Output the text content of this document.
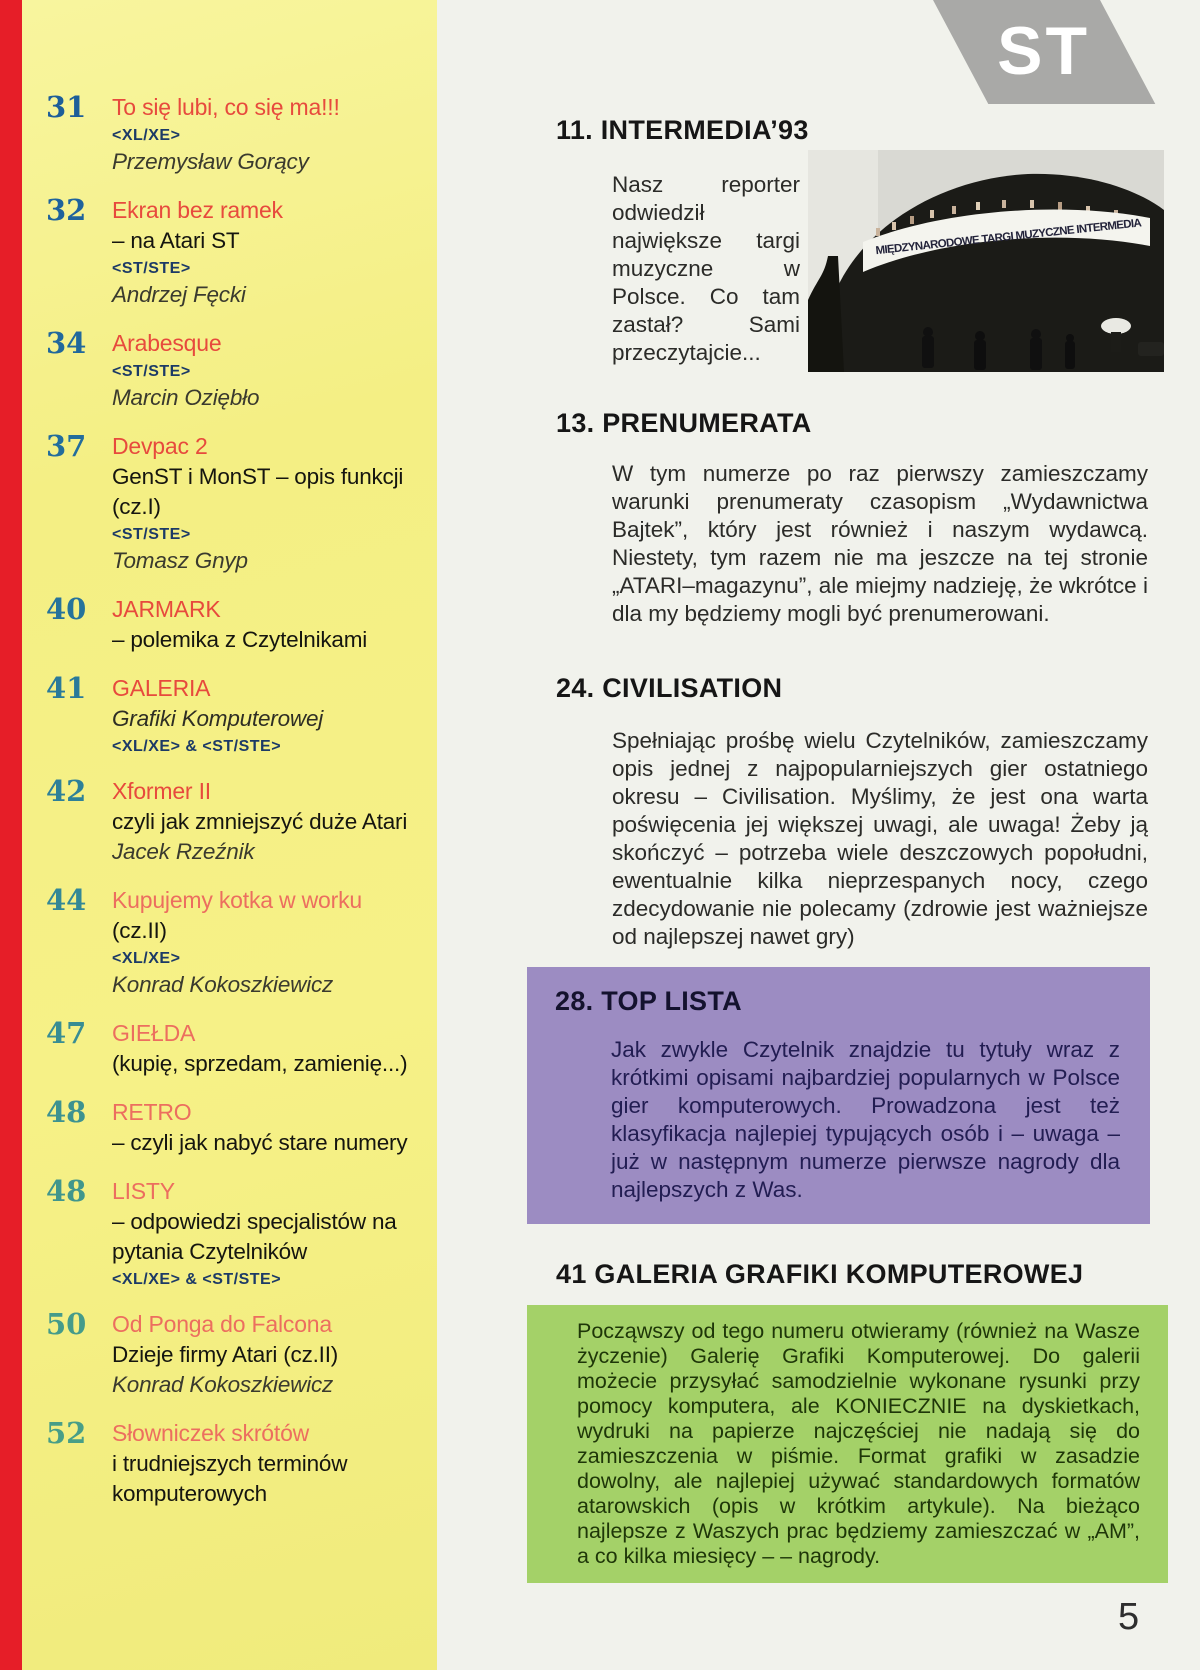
31	To się lubi, co się ma!!!
<XL/XE>
Przemysław Gorący
32	Ekran bez ramek
– na Atari ST
<ST/STE>
Andrzej Fęcki
34	Arabesque
<ST/STE>
Marcin Oziębło
37	Devpac 2
GenST i MonST – opis funkcji (cz.I)
<ST/STE>
Tomasz Gnyp
40	JARMARK
– polemika z Czytelnikami
41	GALERIA
Grafiki Komputerowej
<XL/XE> & <ST/STE>
42	Xformer II
czyli jak zmniejszyć duże Atari
Jacek Rzeźnik
44	Kupujemy kotka w worku
(cz.II)
<XL/XE>
Konrad Kokoszkiewicz
47	GIEŁDA
(kupię, sprzedam, zamienię...)
48	RETRO
– czyli jak nabyć stare numery
48	LISTY
– odpowiedzi specjalistów na pytania Czytelników
<XL/XE> & <ST/STE>
50	Od Ponga do Falcona
Dzieje firmy Atari (cz.II)
Konrad Kokoszkiewicz
52	Słowniczek skrótów
i trudniejszych terminów komputerowych
11. INTERMEDIA’93

Nasz reporter odwiedził największe targi muzyczne w Polsce. Co tam zastał? Sami przeczytajcie...

13. PRENUMERATA

W tym numerze po raz pierwszy zamieszczamy warunki prenumeraty czasopism „Wydawnictwa Bajtek”, który jest również i naszym wydawcą. Niestety, tym razem nie ma jeszcze na tej stronie „ATARI–magazynu”, ale miejmy nadzieję, że wkrótce i dla my będziemy mogli być prenumerowani.

24. CIVILISATION

Spełniając prośbę wielu Czytelników, zamieszczamy opis jednej z najpopularniejszych gier ostatniego okresu – Civilisation. Myślimy, że jest ona warta poświęcenia jej większej uwagi, ale uwaga! Żeby ją skończyć – potrzeba wiele deszczowych popołudni, ewentualnie kilka nieprzespanych nocy, czego zdecydowanie nie polecamy (zdrowie jest ważniejsze od najlepszej nawet gry)

28. TOP LISTA

Jak zwykle Czytelnik znajdzie tu tytuły wraz z krótkimi opisami najbardziej popularnych w Polsce gier komputerowych. Prowadzona jest też klasyfikacja najlepiej typujących osób i – uwaga – już w następnym numerze pierwsze nagrody dla najlepszych z Was.

41 GALERIA GRAFIKI KOMPUTEROWEJ

Począwszy od tego numeru otwieramy (również na Wasze życzenie) Galerię Grafiki Komputerowej. Do galerii możecie przysyłać samodzielnie wykonane rysunki przy pomocy komputera, ale KONIECZNIE na dyskietkach, wydruki na papierze najczęściej nie nadają się do zamieszczenia w piśmie. Format grafiki w zasadzie dowolny, ale najlepiej używać standardowych formatów atarowskich (opis w krótkim artykule). Na bieżąco najlepsze z Waszych prac będziemy zamieszczać w „AM”, a co kilka miesięcy – – nagrody.

MIĘDZYNARODOWE TARGI MUZYCZNE INTERMEDIA
ST
5
